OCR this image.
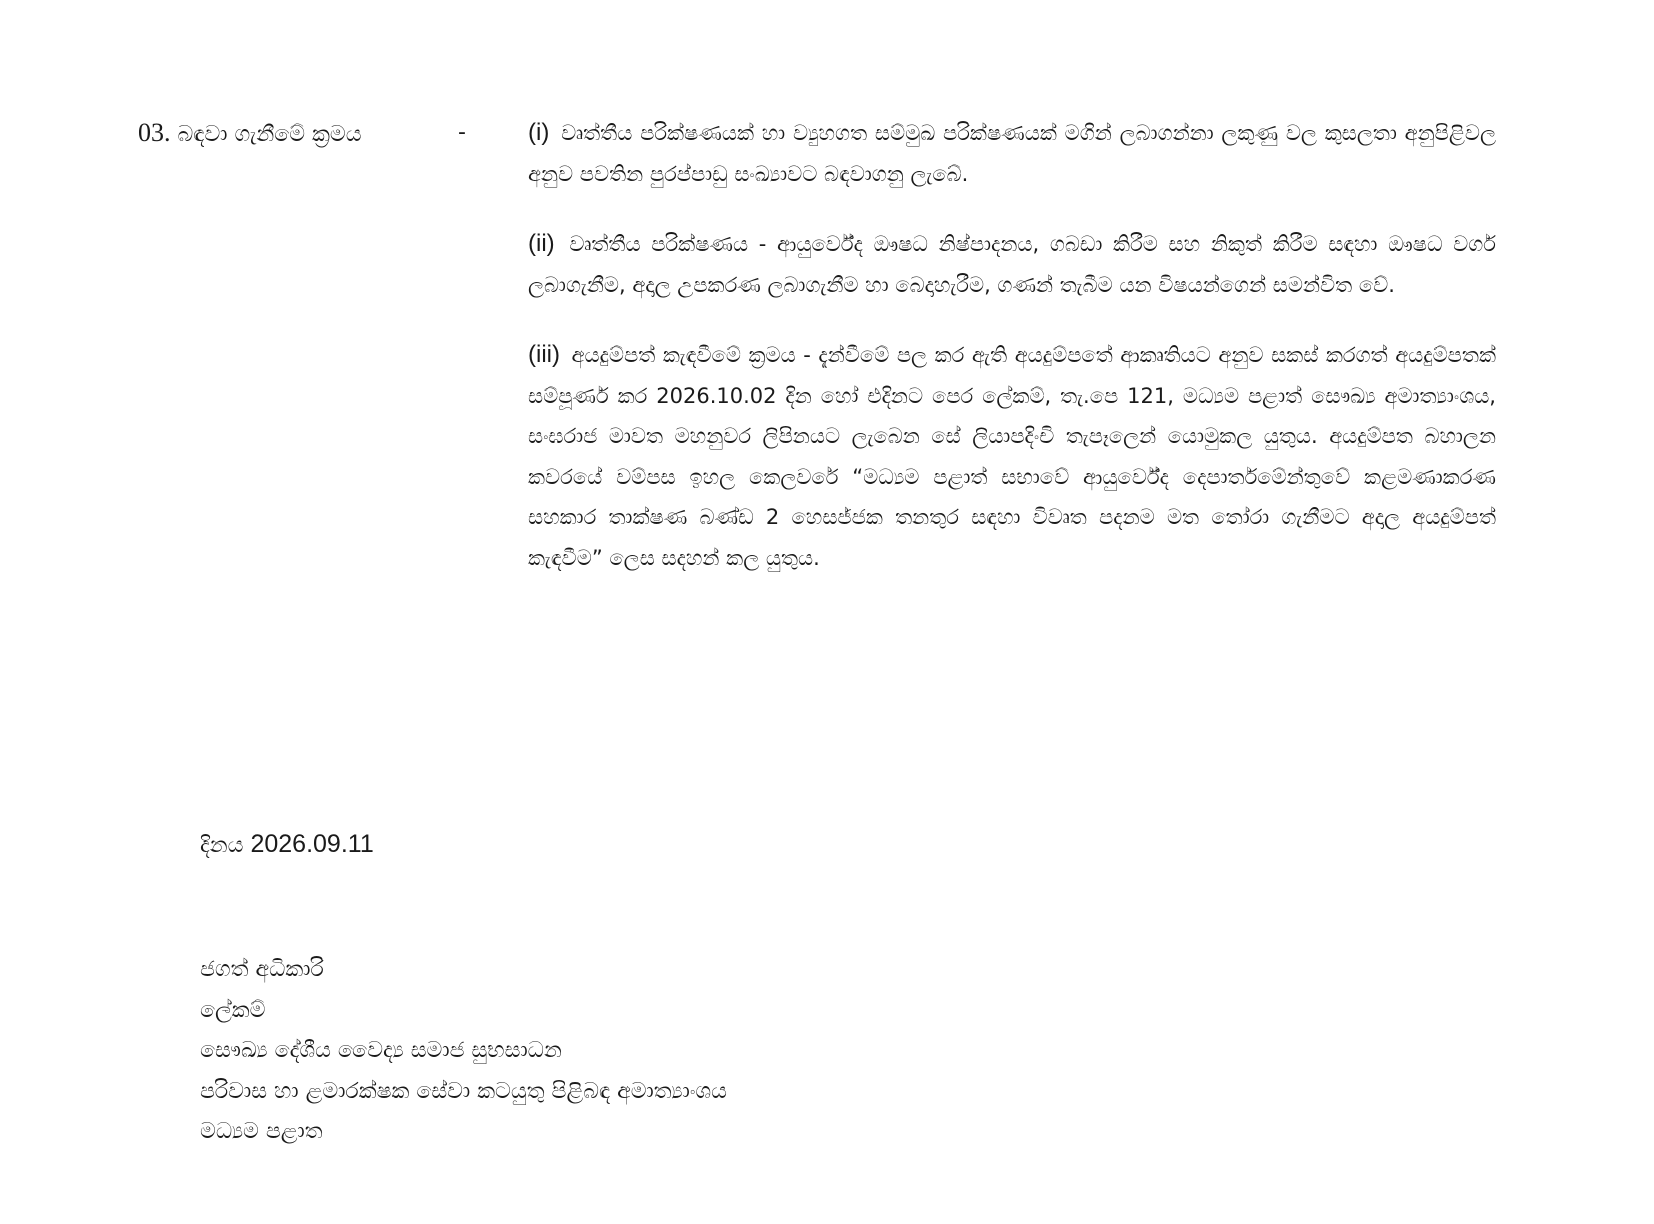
03. බඳවා ගැනීමේ ක්‍රමය	-	(i) වෘත්තීය පරික්ෂණයක් හා ව්‍යුහගත සම්මුඛ පරික්ෂණයක් මගින් ලබාගන්නා ලකුණු වල කුසලතා අනුපිළිවල අනුව පවතින පුරප්පාඩු සංඛ්‍යාවට බඳවාගනු ලැබේ.

(ii) වෘත්තීය පරික්ෂණය - ආයුර්වේද ඖෂධ නිෂ්පාදනය, ගබඩා කිරීම සහ නිකුත් කිරීම සඳහා ඖෂධ වර්ග ලබාගැනීම, අදාල උපකරණ ලබාගැනීම හා බෙදාහැරීම, ගණන් තැබීම යන විෂයන්ගෙන් සමන්විත වේ.

(iii) අයදුම්පත් කැඳවීමේ ක්‍රමය - දැන්වීමේ පල කර ඇති අයදුම්පතේ ආකෘතියට අනුව සකස් කරගත් අයදුම්පතක් සම්පූර්ණ කර 2026.10.02 දින හෝ එදිනට පෙර ලේකම්, තැ.පෙ 121, මධ්‍යම පළාත් සෞඛ්‍ය අමාත්‍යාංශය, සංඝරාජ මාවත මහනුවර ලිපිනයට ලැබෙන සේ ලියාපදිංචි තැපෑලෙන් යොමුකල යුතුය. අයදුම්පත බහාලන කවරයේ වම්පස ඉහල කෙලවරේ “මධ්‍යම පළාත් සභාවේ ආයුර්වේද දෙපාර්තමේන්තුවේ කළමණාකරණ සහකාර තාක්ෂණ බණ්ඩ 2 හෙසජ්ජක තනතුර සඳහා විවෘත පදනම මත තෝරා ගැනීමට අදාල අයදුම්පත් කැඳවීම” ලෙස සදහන් කල යුතුය.

දිනය 2026.09.11
ජගත් අධිකාරි
ලේකම්
සෞඛ්‍ය දේශීය වෛද්‍ය සමාජ සුභසාධන
පරිවාස හා ළමාරක්ෂක සේවා කටයුතු පිළිබඳ අමාත්‍යාංශය
මධ්‍යම පළාත
